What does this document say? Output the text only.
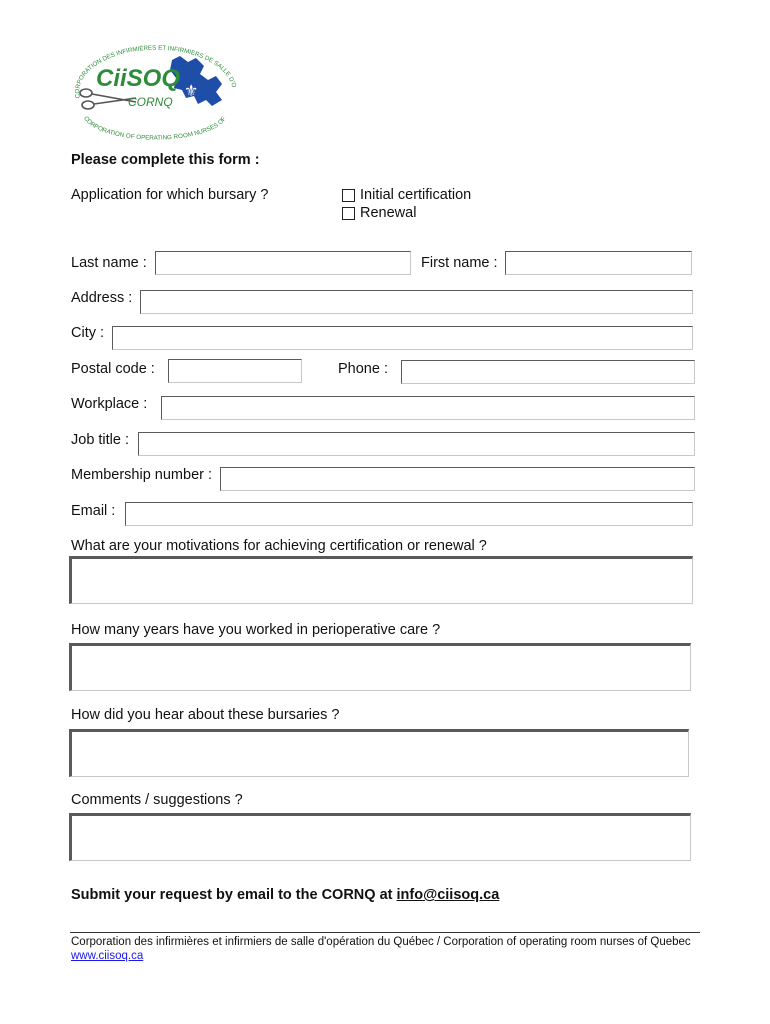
⚜
CiiSOQ
CORNQ
CORPORATION DES INFIRMIÈRES ET INFIRMIERS DE SALLE D'O
CORPORATION OF OPERATING ROOM NURSES OF
Please complete this form :
Application for which bursary ?	Initial certification
Renewal
Last name :	First name :
Address :
City :
Postal code :	Phone :
Workplace :
Job title :
Membership number :
Email :
What are your motivations for achieving certification or renewal ?
How many years have you worked in perioperative care ?
How did you hear about these bursaries ?
Comments / suggestions ?
Submit your request by email to the CORNQ at info@ciisoq.ca
Corporation des infirmières et infirmiers de salle d'opération du Québec / Corporation of operating room nurses of Quebec
www.ciisoq.ca
